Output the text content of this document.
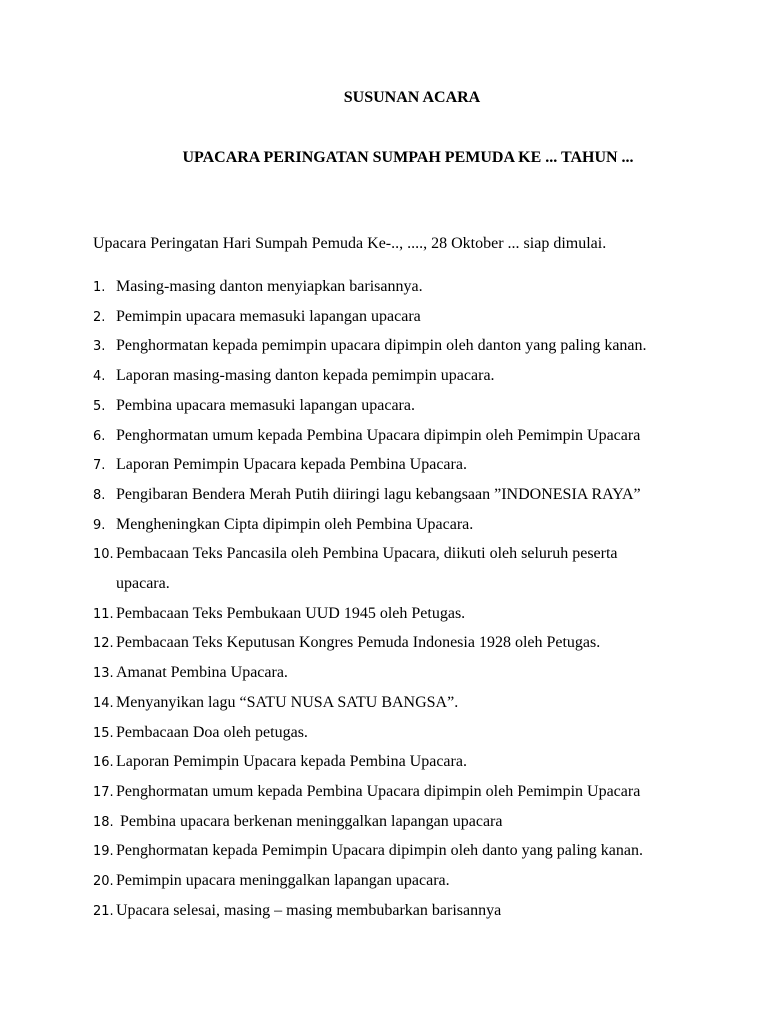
SUSUNAN ACARA
UPACARA PERINGATAN SUMPAH PEMUDA KE ... TAHUN ...
Upacara Peringatan Hari Sumpah Pemuda Ke-.., ...., 28 Oktober ... siap dimulai.
1. Masing-masing danton menyiapkan barisannya.
2. Pemimpin upacara memasuki lapangan upacara
3. Penghormatan kepada pemimpin upacara dipimpin oleh danton yang paling kanan.
4. Laporan masing-masing danton kepada pemimpin upacara.
5. Pembina upacara memasuki lapangan upacara.
6. Penghormatan umum kepada Pembina Upacara dipimpin oleh Pemimpin Upacara
7. Laporan Pemimpin Upacara kepada Pembina Upacara.
8. Pengibaran Bendera Merah Putih diiringi lagu kebangsaan ”INDONESIA RAYA”
9. Mengheningkan Cipta dipimpin oleh Pembina Upacara.
10. Pembacaan Teks Pancasila oleh Pembina Upacara, diikuti oleh seluruh peserta
upacara.
11. Pembacaan Teks Pembukaan UUD 1945 oleh Petugas.
12. Pembacaan Teks Keputusan Kongres Pemuda Indonesia 1928 oleh Petugas.
13. Amanat Pembina Upacara.
14. Menyanyikan lagu “SATU NUSA SATU BANGSA”.
15. Pembacaan Doa oleh petugas.
16. Laporan Pemimpin Upacara kepada Pembina Upacara.
17. Penghormatan umum kepada Pembina Upacara dipimpin oleh Pemimpin Upacara
18. Pembina upacara berkenan meninggalkan lapangan upacara
19. Penghormatan kepada Pemimpin Upacara dipimpin oleh danto yang paling kanan.
20. Pemimpin upacara meninggalkan lapangan upacara.
21. Upacara selesai, masing – masing membubarkan barisannya
